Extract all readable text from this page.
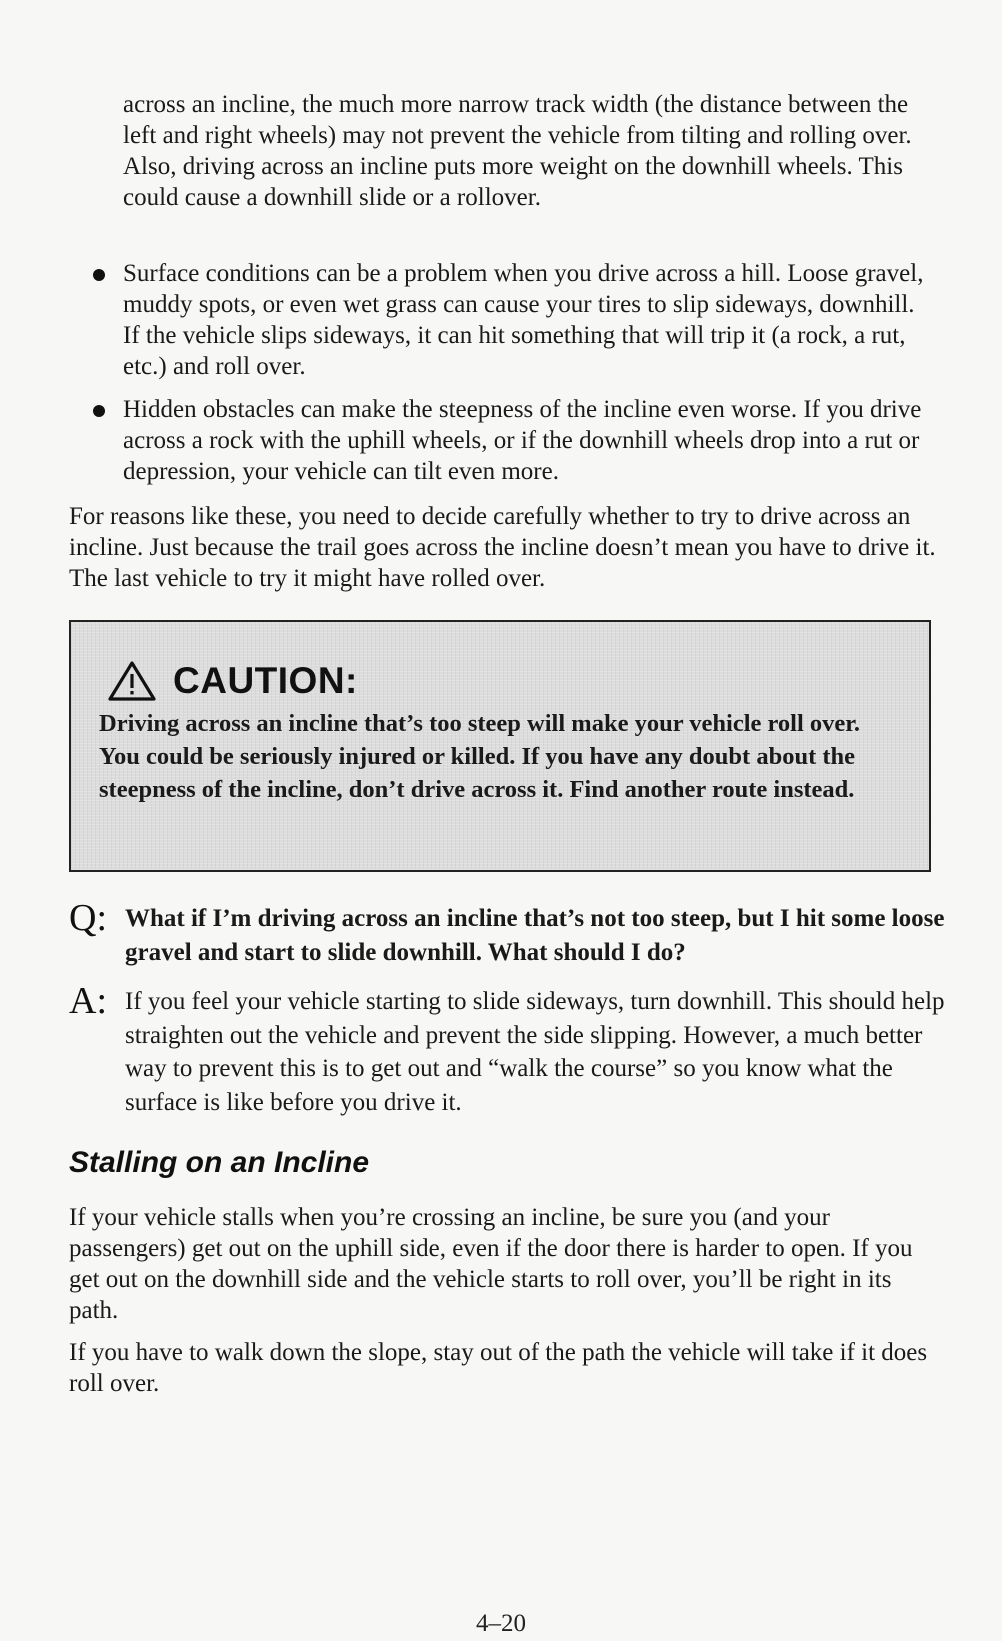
across an incline, the much more narrow track width (the distance between the left and right wheels) may not prevent the vehicle from tilting and rolling over. Also, driving across an incline puts more weight on the downhill wheels. This could cause a downhill slide or a rollover.

Surface conditions can be a problem when you drive across a hill. Loose gravel, muddy spots, or even wet grass can cause your tires to slip sideways, downhill. If the vehicle slips sideways, it can hit something that will trip it (a rock, a rut, etc.) and roll over.

Hidden obstacles can make the steepness of the incline even worse. If you drive across a rock with the uphill wheels, or if the downhill wheels drop into a rut or depression, your vehicle can tilt even more.

For reasons like these, you need to decide carefully whether to try to drive across an incline. Just because the trail goes across the incline doesn’t mean you have to drive it. The last vehicle to try it might have rolled over.

CAUTION:

Driving across an incline that’s too steep will make your vehicle roll over. You could be seriously injured or killed. If you have any doubt about the steepness of the incline, don’t drive across it. Find another route instead.

Q: What if I’m driving across an incline that’s not too steep, but I hit some loose gravel and start to slide downhill. What should I do?

A: If you feel your vehicle starting to slide sideways, turn downhill. This should help straighten out the vehicle and prevent the side slipping. However, a much better way to prevent this is to get out and “walk the course” so you know what the surface is like before you drive it.

Stalling on an Incline

If your vehicle stalls when you’re crossing an incline, be sure you (and your passengers) get out on the uphill side, even if the door there is harder to open. If you get out on the downhill side and the vehicle starts to roll over, you’ll be right in its path.

If you have to walk down the slope, stay out of the path the vehicle will take if it does roll over.

4–20
